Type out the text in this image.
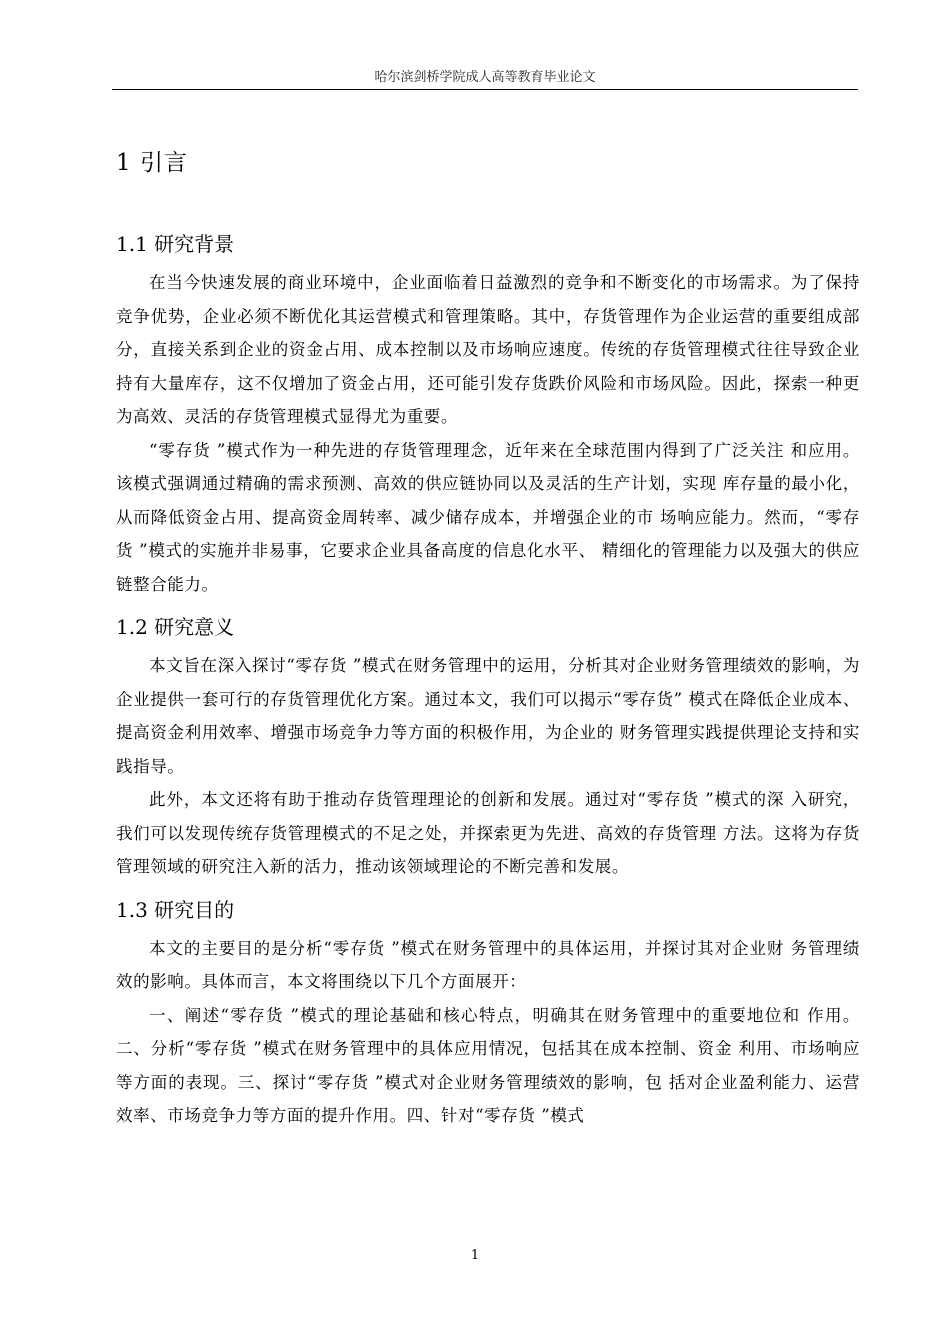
哈尔滨剑桥学院成人高等教育毕业论文
1 引言
1.1 研究背景

在当今快速发展的商业环境中，企业面临着日益激烈的竞争和不断变化的市场需求。为了保持竞争优势，企业必须不断优化其运营模式和管理策略。其中，存货管理作为企业运营的重要组成部分，直接关系到企业的资金占用、成本控制以及市场响应速度。传统的存货管理模式往往导致企业持有大量库存，这不仅增加了资金占用，还可能引发存货跌价风险和市场风险。因此，探索一种更为高效、灵活的存货管理模式显得尤为重要。

“零存货 ”模式作为一种先进的存货管理理念，近年来在全球范围内得到了广泛关注 和应用。该模式强调通过精确的需求预测、高效的供应链协同以及灵活的生产计划，实现 库存量的最小化，从而降低资金占用、提高资金周转率、减少储存成本，并增强企业的市 场响应能力。然而，“零存货 ”模式的实施并非易事，它要求企业具备高度的信息化水平、 精细化的管理能力以及强大的供应链整合能力。

1.2 研究意义

本文旨在深入探讨“零存货 ”模式在财务管理中的运用，分析其对企业财务管理绩效的影响，为企业提供一套可行的存货管理优化方案。通过本文，我们可以揭示“零存货” 模式在降低企业成本、提高资金利用效率、增强市场竞争力等方面的积极作用，为企业的 财务管理实践提供理论支持和实践指导。

此外，本文还将有助于推动存货管理理论的创新和发展。通过对“零存货 ”模式的深 入研究，我们可以发现传统存货管理模式的不足之处，并探索更为先进、高效的存货管理 方法。这将为存货管理领域的研究注入新的活力，推动该领域理论的不断完善和发展。

1.3 研究目的

本文的主要目的是分析“零存货 ”模式在财务管理中的具体运用，并探讨其对企业财 务管理绩效的影响。具体而言，本文将围绕以下几个方面展开：

一、阐述“零存货 ”模式的理论基础和核心特点，明确其在财务管理中的重要地位和 作用。二、分析“零存货 ”模式在财务管理中的具体应用情况，包括其在成本控制、资金 利用、市场响应等方面的表现。三、探讨“零存货 ”模式对企业财务管理绩效的影响，包 括对企业盈利能力、运营效率、市场竞争力等方面的提升作用。四、针对“零存货 ”模式

1
